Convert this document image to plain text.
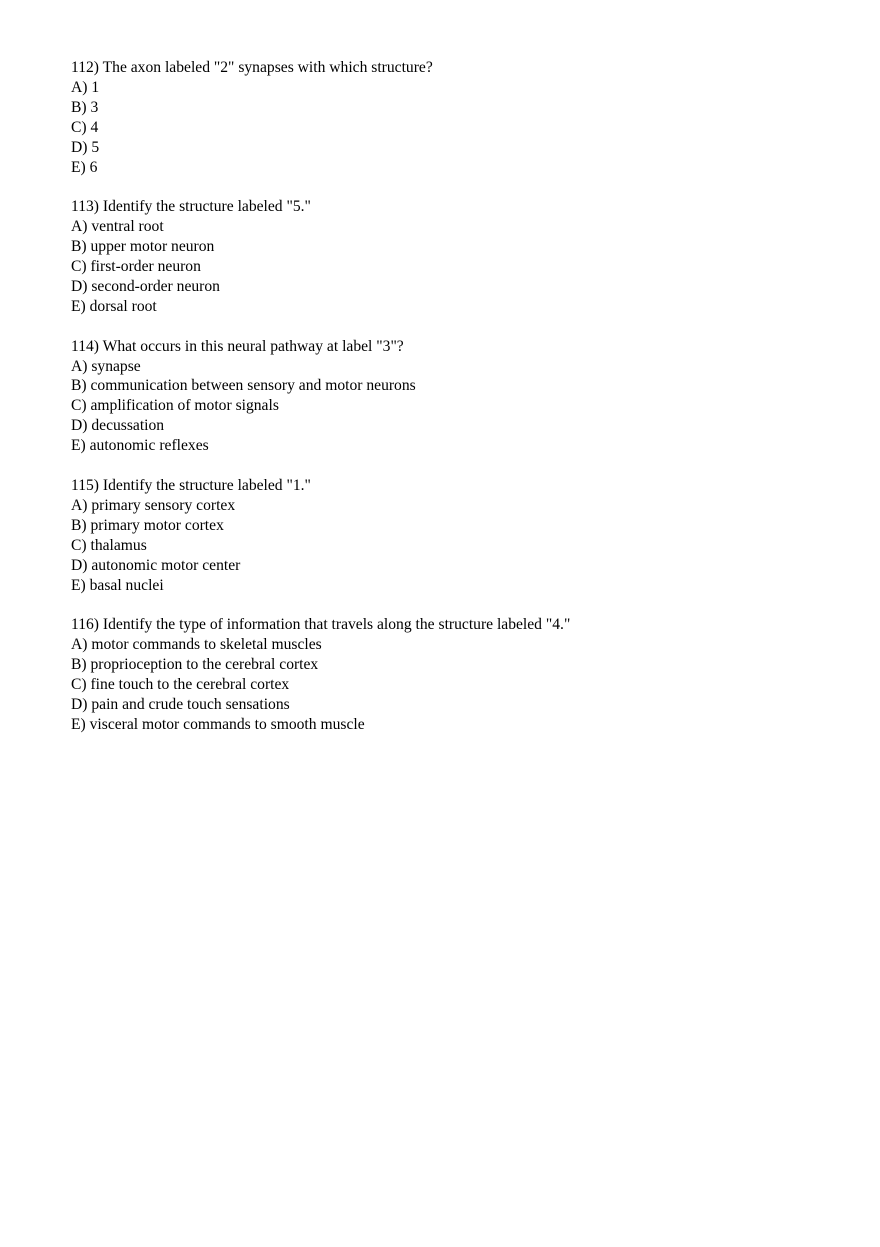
112) The axon labeled "2" synapses with which structure?
A) 1
B) 3
C) 4
D) 5
E) 6
113) Identify the structure labeled "5."
A) ventral root
B) upper motor neuron
C) first-order neuron
D) second-order neuron
E) dorsal root
114) What occurs in this neural pathway at label "3"?
A) synapse
B) communication between sensory and motor neurons
C) amplification of motor signals
D) decussation
E) autonomic reflexes
115) Identify the structure labeled "1."
A) primary sensory cortex
B) primary motor cortex
C) thalamus
D) autonomic motor center
E) basal nuclei
116) Identify the type of information that travels along the structure labeled "4."
A) motor commands to skeletal muscles
B) proprioception to the cerebral cortex
C) fine touch to the cerebral cortex
D) pain and crude touch sensations
E) visceral motor commands to smooth muscle
